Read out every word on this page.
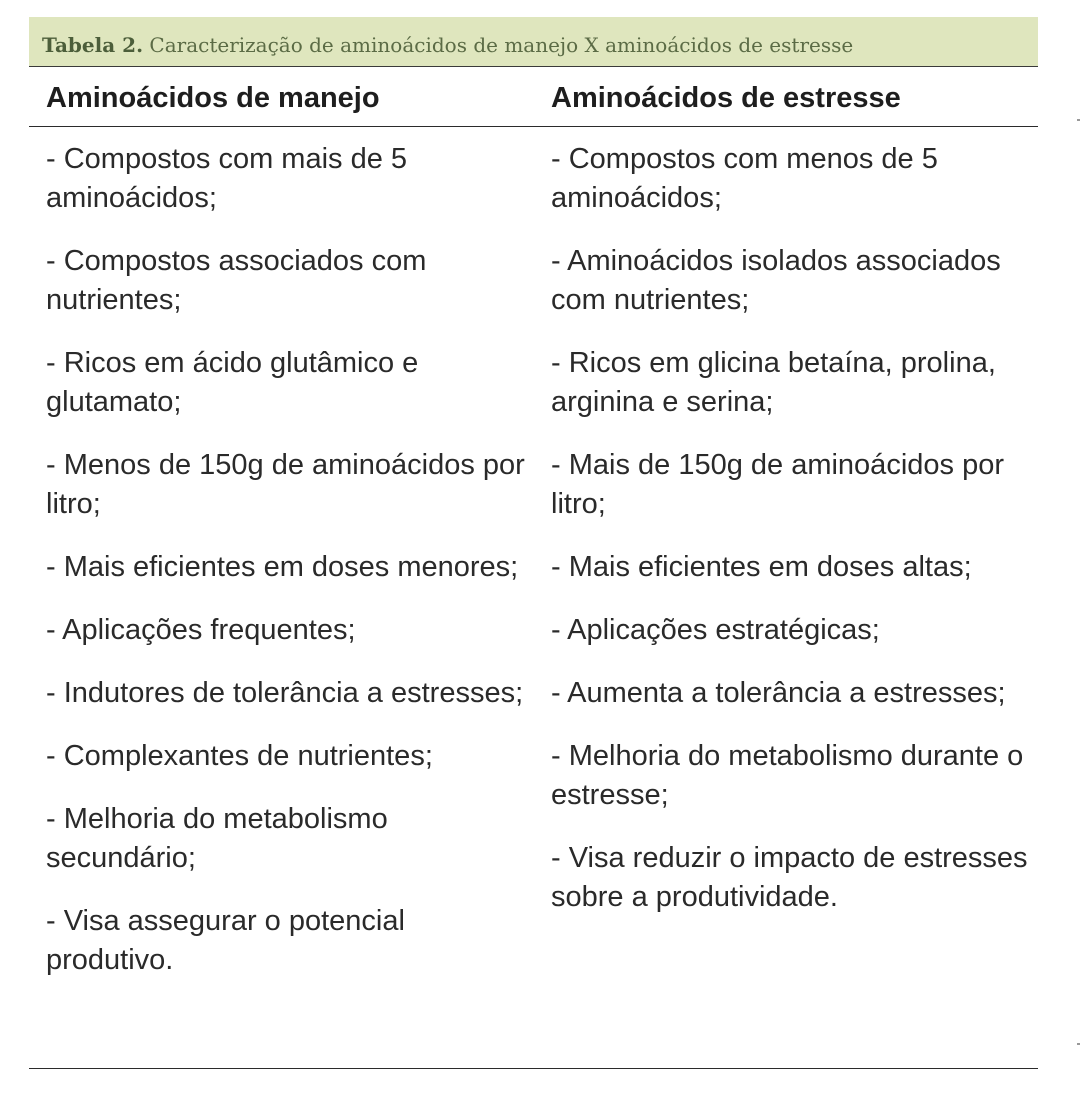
Tabela 2. Caracterização de aminoácidos de manejo X aminoácidos de estresse
Aminoácidos de manejo	Aminoácidos de estresse

- Compostos com mais de 5 aminoácidos;

- Compostos associados com nutrientes;

- Ricos em ácido glutâmico e glutamato;

- Menos de 150g de aminoácidos por litro;

- Mais eficientes em doses menores;

- Aplicações frequentes;

- Indutores de tolerância a estresses;

- Complexantes de nutrientes;

- Melhoria do metabolismo secundário;

- Visa assegurar o potencial produtivo.

- Compostos com menos de 5 aminoácidos;

- Aminoácidos isolados associados com nutrientes;

- Ricos em glicina betaína, prolina, arginina e serina;

- Mais de 150g de aminoácidos por litro;

- Mais eficientes em doses altas;

- Aplicações estratégicas;

- Aumenta a tolerância a estresses;

- Melhoria do metabolismo durante o estresse;

- Visa reduzir o impacto de estresses sobre a produtividade.
